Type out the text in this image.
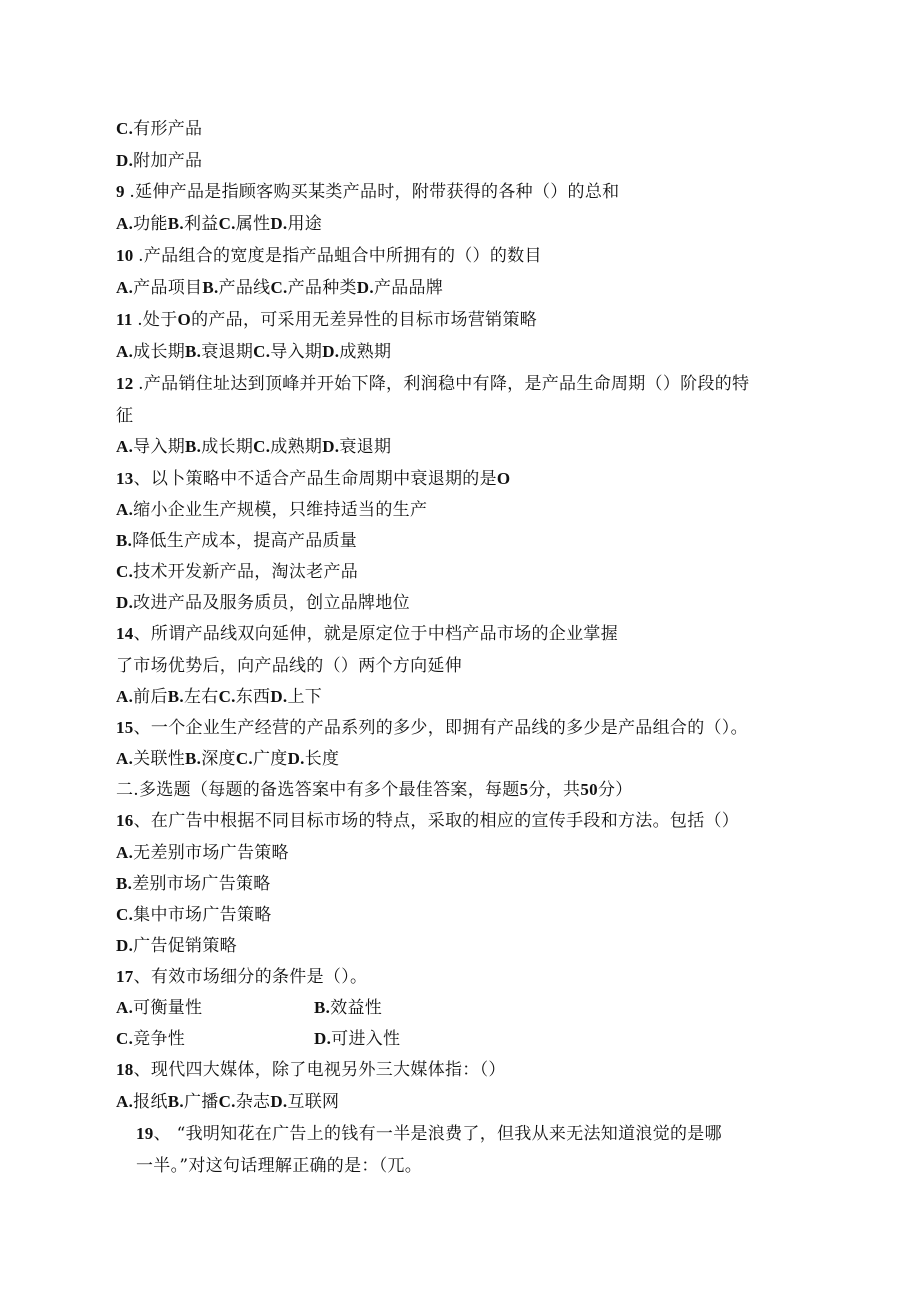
C.有形产品
D.附加产品
9 .延伸产品是指顾客购买某类产品时，附带获得的各种（）的总和
A.功能B.利益C.属性D.用途
10 .产品组合的宽度是指产品蛆合中所拥有的（）的数目
A.产品项目B.产品线C.产品种类D.产品品牌
11 .处于O的产品，可采用无差异性的目标市场营销策略
A.成长期B.衰退期C.导入期D.成熟期
12 .产品销住址达到顶峰并开始下降，利润稳中有降，是产品生命周期（）阶段的特
征
A.导入期B.成长期C.成熟期D.衰退期
13、以卜策略中不适合产品生命周期中衰退期的是O
A.缩小企业生产规模，只维持适当的生产
B.降低生产成本，提高产品质量
C.技术开发新产品，淘汰老产品
D.改进产品及服务质员，创立品牌地位
14、所谓产品线双向延伸，就是原定位于中档产品市场的企业掌握
了市场优势后，向产品线的（）两个方向延伸
A.前后B.左右C.东西D.上下
15、一个企业生产经营的产品系列的多少，即拥有产品线的多少是产品组合的（）。
A.关联性B.深度C.广度D.长度
二.多选题（每题的备选答案中有多个最佳答案，每题5分，共50分）
16、在广告中根据不同目标市场的特点，采取的相应的宣传手段和方法。包括（）
A.无差别市场广告策略
B.差别市场广告策略
C.集中市场广告策略
D.广告促销策略
17、有效市场细分的条件是（）。
A.可衡量性	B.效益性
C.竞争性	D.可进入性
18、现代四大媒体，除了电视另外三大媒体指：（）
A.报纸B.广播C.杂志D.互联网
19、 “我明知花在广告上的钱有一半是浪费了，但我从来无法知道浪觉的是哪
一半。”对这句话理解正确的是：（兀。
